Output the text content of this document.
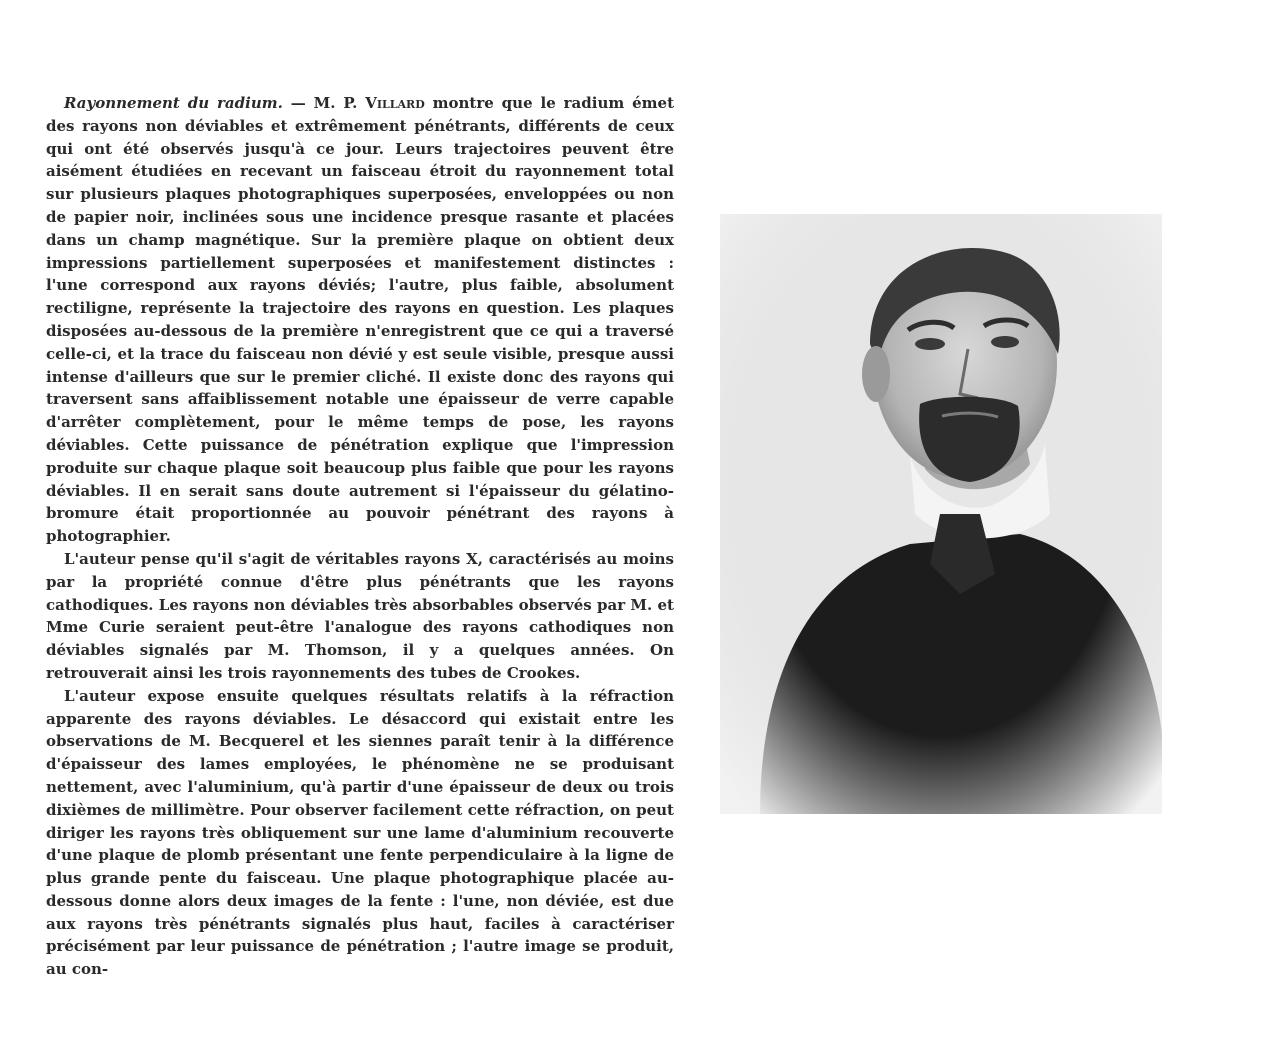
Rayonnement du radium. — M. P. Villard montre que le radium émet des rayons non déviables et extrêmement pénétrants, différents de ceux qui ont été observés jusqu'à ce jour. Leurs trajectoires peuvent être aisément étudiées en recevant un faisceau étroit du rayonnement total sur plusieurs plaques photographiques superposées, enveloppées ou non de papier noir, inclinées sous une incidence presque rasante et placées dans un champ magnétique. Sur la première plaque on obtient deux impressions partiellement superposées et manifestement distinctes : l'une correspond aux rayons déviés; l'autre, plus faible, absolument rectiligne, représente la trajectoire des rayons en question. Les plaques disposées au-dessous de la première n'enregistrent que ce qui a traversé celle-ci, et la trace du faisceau non dévié y est seule visible, presque aussi intense d'ailleurs que sur le premier cliché. Il existe donc des rayons qui traversent sans affaiblissement notable une épaisseur de verre capable d'arrêter complètement, pour le même temps de pose, les rayons déviables. Cette puissance de pénétration explique que l'impression produite sur chaque plaque soit beaucoup plus faible que pour les rayons déviables. Il en serait sans doute autrement si l'épaisseur du gélatino-bromure était proportionnée au pouvoir pénétrant des rayons à photographier.

L'auteur pense qu'il s'agit de véritables rayons X, caractérisés au moins par la propriété connue d'être plus pénétrants que les rayons cathodiques. Les rayons non déviables très absorbables observés par M. et Mme Curie seraient peut-être l'analogue des rayons cathodiques non déviables signalés par M. Thomson, il y a quelques années. On retrouverait ainsi les trois rayonnements des tubes de Crookes.

L'auteur expose ensuite quelques résultats relatifs à la réfraction apparente des rayons déviables. Le désaccord qui existait entre les observations de M. Becquerel et les siennes paraît tenir à la différence d'épaisseur des lames employées, le phénomène ne se produisant nettement, avec l'aluminium, qu'à partir d'une épaisseur de deux ou trois dixièmes de millimètre. Pour observer facilement cette réfraction, on peut diriger les rayons très obliquement sur une lame d'aluminium recouverte d'une plaque de plomb présentant une fente perpendiculaire à la ligne de plus grande pente du faisceau. Une plaque photographique placée au-dessous donne alors deux images de la fente : l'une, non déviée, est due aux rayons très pénétrants signalés plus haut, faciles à caractériser précisément par leur puissance de pénétration ; l'autre image se produit, au con-
